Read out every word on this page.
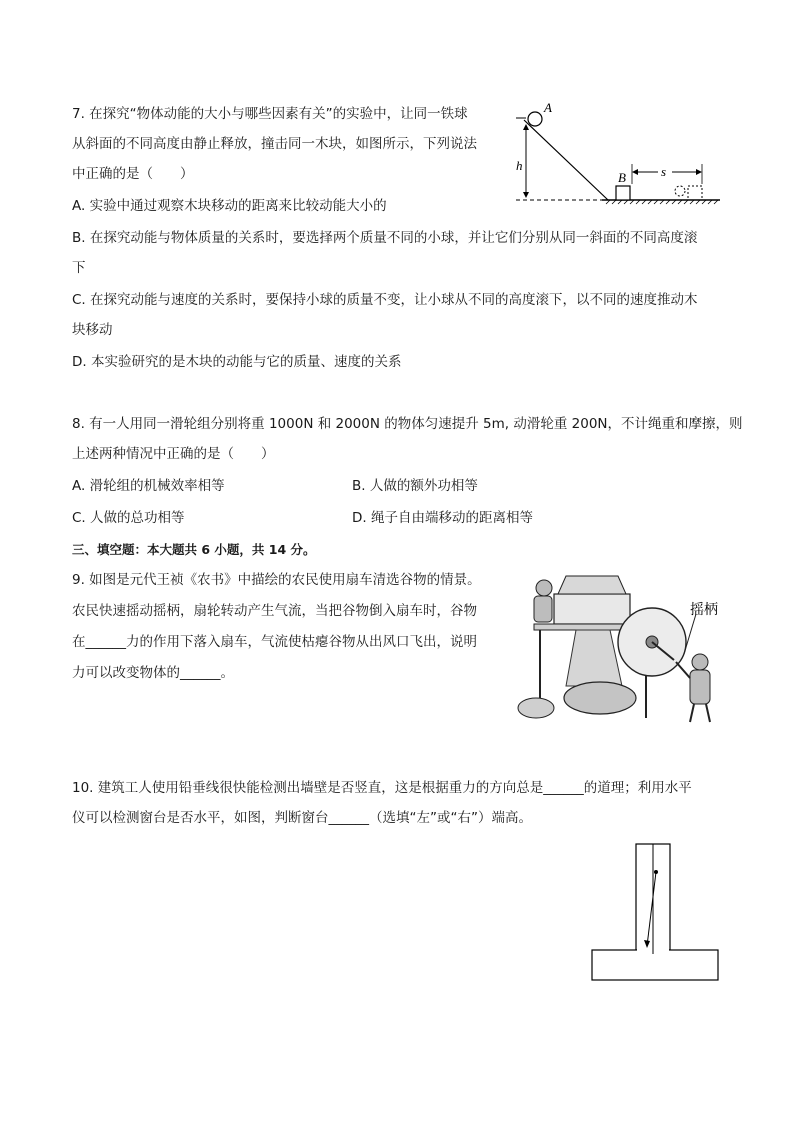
7. 在探究“物体动能的大小与哪些因素有关”的实验中，让同一铁球
从斜面的不同高度由静止释放，撞击同一木块，如图所示，下列说法
中正确的是（　　）
A. 实验中通过观察木块移动的距离来比较动能大小的
B. 在探究动能与物体质量的关系时，要选择两个质量不同的小球，并让它们分别从同一斜面的不同高度滚
下
C. 在探究动能与速度的关系时，要保持小球的质量不变，让小球从不同的高度滚下，以不同的速度推动木
块移动
D. 本实验研究的是木块的动能与它的质量、速度的关系
A
h
B	s
8. 有一人用同一滑轮组分别将重 1000N 和 2000N 的物体匀速提升 5m, 动滑轮重 200N，不计绳重和摩擦，则
上述两种情况中正确的是（　　）
A. 滑轮组的机械效率相等	B. 人做的额外功相等
C. 人做的总功相等	D. 绳子自由端移动的距离相等
三、填空题：本大题共 6 小题，共 14 分。
9. 如图是元代王祯《农书》中描绘的农民使用扇车清选谷物的情景。
农民快速摇动摇柄，扇轮转动产生气流，当把谷物倒入扇车时，谷物
在______力的作用下落入扇车，气流使枯瘪谷物从出风口飞出，说明
力可以改变物体的______。
摇柄
10. 建筑工人使用铅垂线很快能检测出墙壁是否竖直，这是根据重力的方向总是______的道理；利用水平
仪可以检测窗台是否水平，如图，判断窗台______（选填“左”或“右”）端高。
